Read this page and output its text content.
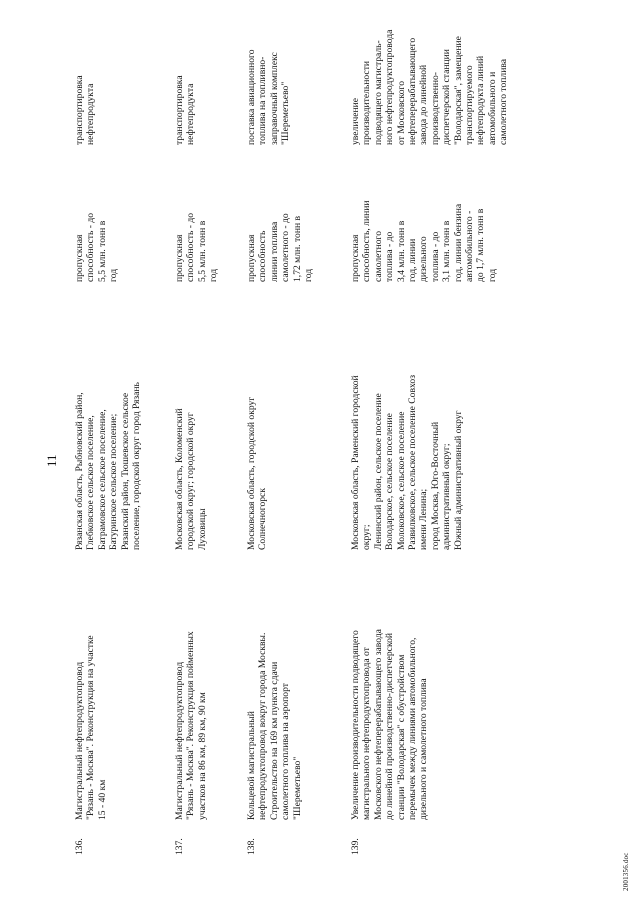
11
136.
Магистральный нефтепродуктопровод
"Рязань - Москва". Реконструкция на участке
15 - 40 км
Рязанская область, Рыбновский район,
Глебковское сельское поселение,
Батрамовское сельское поселение,
Батуринское сельское поселение;
Рязанский район, Тюшевское сельское
поселение, городской округ город Рязань
пропускная
способность - до
5,5 млн. тонн в
год
транспортировка
нефтепродукта
137.
Магистральный нефтепродуктопровод
"Рязань - Москва". Реконструкция пойменных
участков на 86 км, 89 км, 90 км
Московская область, Коломенский
городской округ; городской округ
Луховицы
пропускная
способность - до
5,5 млн. тонн в
год
транспортировка
нефтепродукта
138.
Кольцевой магистральный
нефтепродуктопровод вокруг города Москвы.
Строительство на 169 км пункта сдачи
самолетного топлива на аэропорт
"Шереметьево"
Московская область, городской округ
Солнечногорск
пропускная
способность
линии топлива
самолетного - до
1,72 млн. тонн в
год
поставка авиационного
топлива на топливно-
заправочный комплекс
"Шереметьево"
139.
Увеличение производительности подводящего
магистрального нефтепродуктопровода от
Московского нефтеперерабатывающего завода
до линейной производственно-диспетчерской
станции "Володарская" с обустройством
перемычек между линиями автомобильного,
дизельного и самолетного топлива
Московская область, Раменский городской
округ;
Ленинский район, сельское поселение
Володарское, сельское поселение
Молоковское, сельское поселение
Развилковское, сельское поселение Совхоз
имени Ленина;
город Москва, Юго-Восточный
административный округ;
Южный административный округ
пропускная
способность, линии
самолетного
топлива - до
3,4 млн. тонн в
год, линии
дизельного
топлива - до
3,1 млн. тонн в
год, линии бензина
автомобильного -
до 1,7 млн. тонн в
год
увеличение
производительности
подводящего магистраль-
ного нефтепродуктопровода
от Московского
нефтеперерабатывающего
завода до линейной
производственно-
диспетчерской станции
"Володарская", замещение
транспортируемого
нефтепродукта линий
автомобильного и
самолетного топлива
2001356.doc
